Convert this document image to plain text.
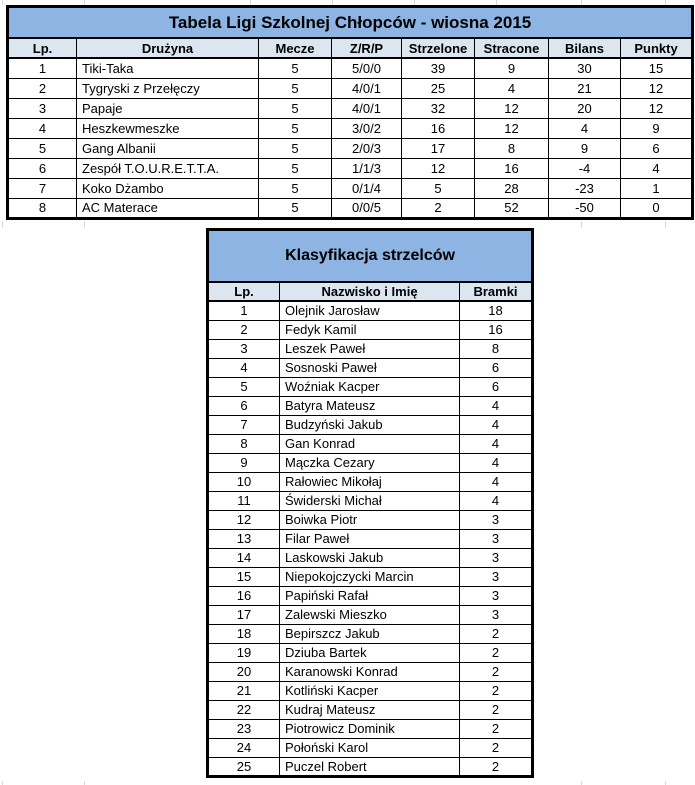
Tabela Ligi Szkolnej Chłopców - wiosna 2015							
Lp.	Drużyna	Mecze	Z/R/P	Strzelone	Stracone	Bilans	Punkty
1	Tiki-Taka	5	5/0/0	39	9	30	15
2	Tygryski z Przełęczy	5	4/0/1	25	4	21	12
3	Papaje	5	4/0/1	32	12	20	12
4	Heszkewmeszke	5	3/0/2	16	12	4	9
5	Gang Albanii	5	2/0/3	17	8	9	6
6	Zespół T.O.U.R.E.T.T.A.	5	1/1/3	12	16	-4	4
7	Koko Dżambo	5	0/1/4	5	28	-23	1
8	AC Materace	5	0/0/5	2	52	-50	0
Klasyfikacja strzelców		
Lp.	Nazwisko i Imię	Bramki
1	Olejnik Jarosław	18
2	Fedyk Kamil	16
3	Leszek Paweł	8
4	Sosnoski Paweł	6
5	Woźniak Kacper	6
6	Batyra Mateusz	4
7	Budzyński Jakub	4
8	Gan Konrad	4
9	Mączka Cezary	4
10	Rałowiec Mikołaj	4
11	Świderski Michał	4
12	Boiwka Piotr	3
13	Filar Paweł	3
14	Laskowski Jakub	3
15	Niepokojczycki Marcin	3
16	Papiński Rafał	3
17	Zalewski Mieszko	3
18	Bepirszcz Jakub	2
19	Dziuba Bartek	2
20	Karanowski Konrad	2
21	Kotliński Kacper	2
22	Kudraj Mateusz	2
23	Piotrowicz Dominik	2
24	Połoński Karol	2
25	Puczel Robert	2
